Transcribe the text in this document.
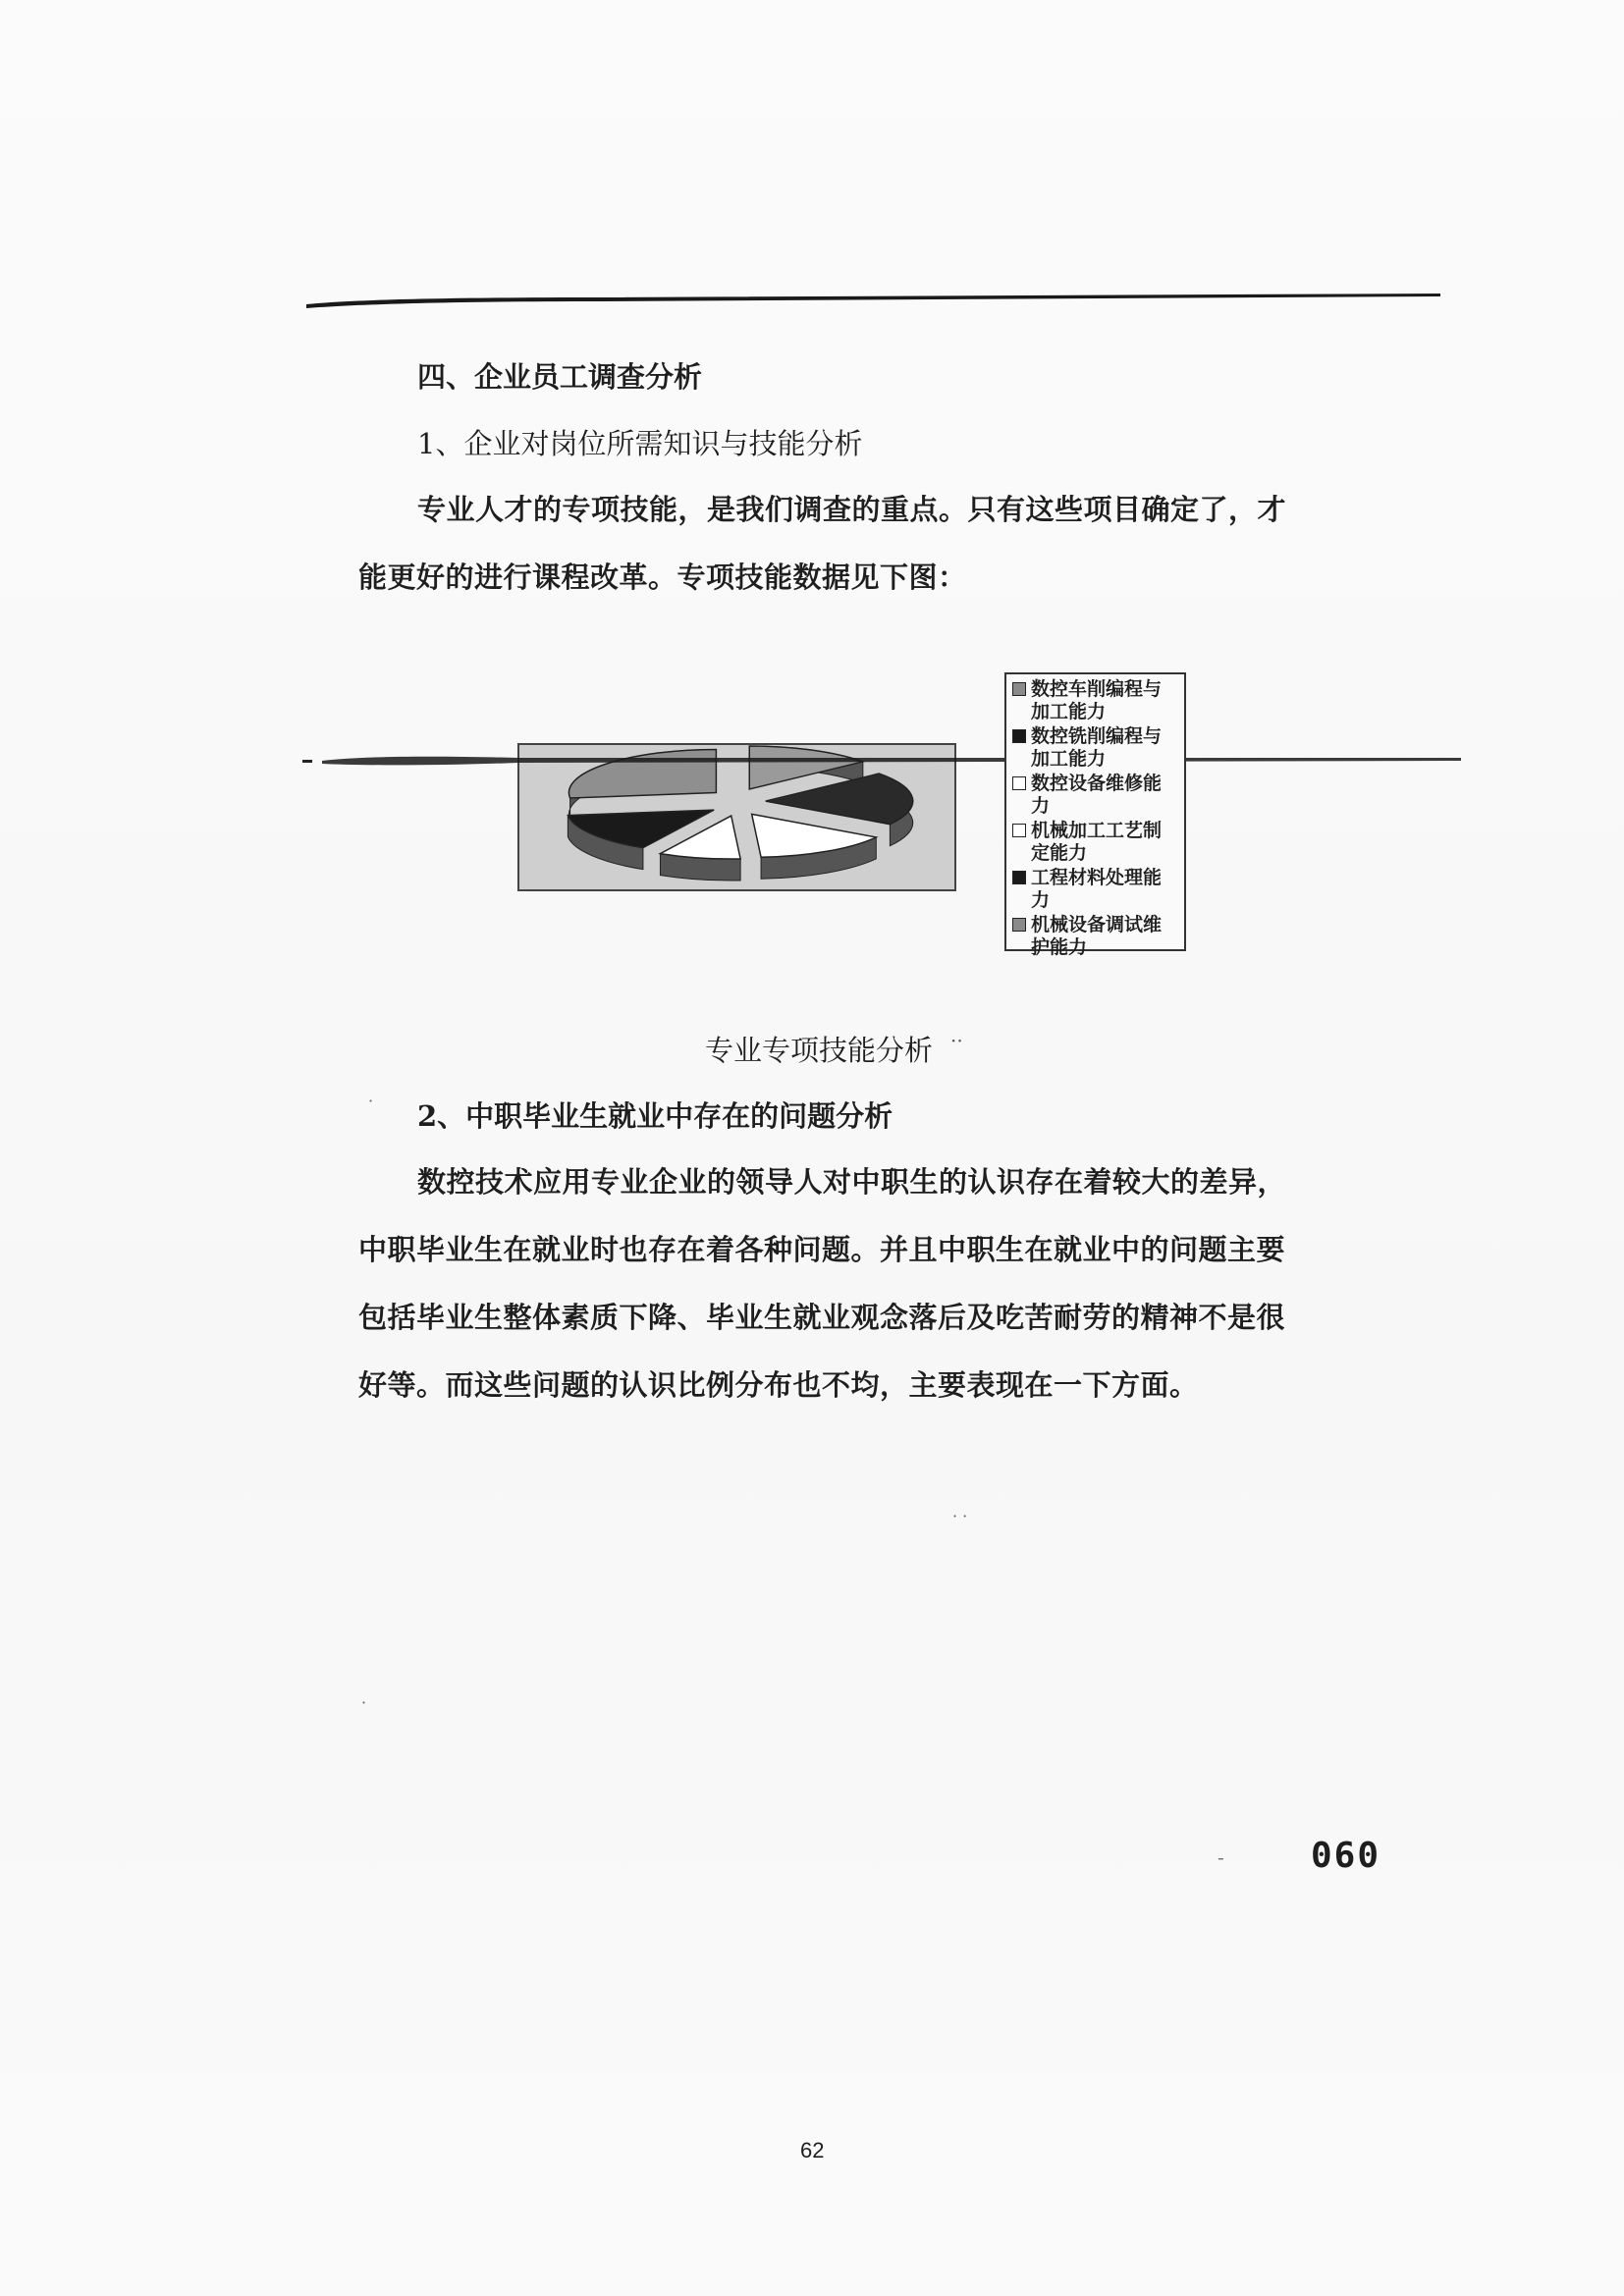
四、企业员工调查分析
1、企业对岗位所需知识与技能分析
专业人才的专项技能，是我们调查的重点。只有这些项目确定了，才能更好的进行课程改革。专项技能数据见下图：
数控车削编程与加工能力
数控铣削编程与加工能力
数控设备维修能力
机械加工工艺制定能力
工程材料处理能力
机械设备调试维护能力
专业专项技能分析 ··
2、中职毕业生就业中存在的问题分析
数控技术应用专业企业的领导人对中职生的认识存在着较大的差异，中职毕业生在就业时也存在着各种问题。并且中职生在就业中的问题主要包括毕业生整体素质下降、毕业生就业观念落后及吃苦耐劳的精神不是很好等。而这些问题的认识比例分布也不均，主要表现在一下方面。
· ·
·
·
- 060
62
